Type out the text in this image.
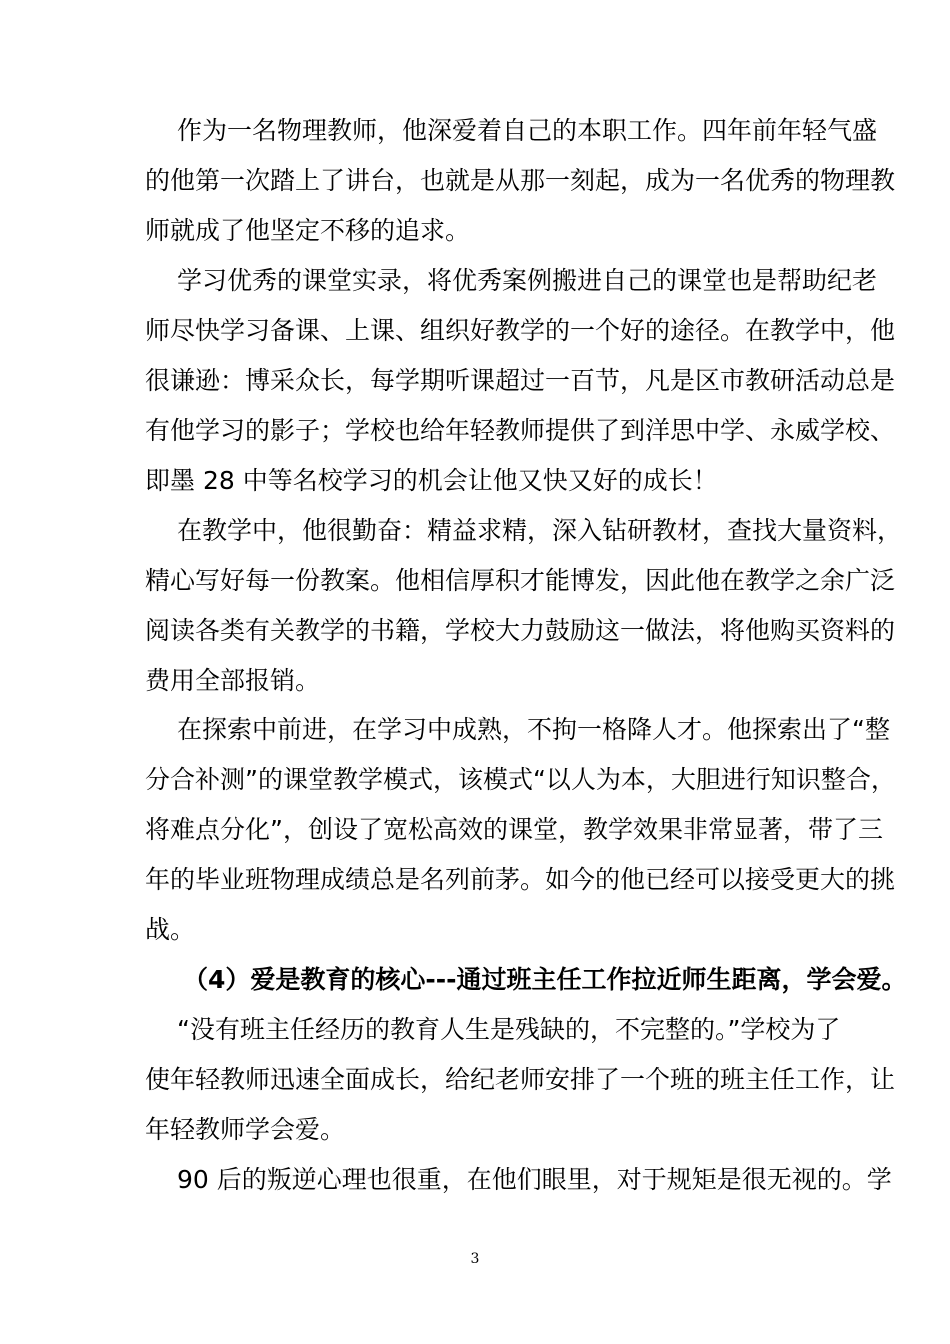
作为一名物理教师，他深爱着自己的本职工作。四年前年轻气盛

的他第一次踏上了讲台，也就是从那一刻起，成为一名优秀的物理教

师就成了他坚定不移的追求。

学习优秀的课堂实录，将优秀案例搬进自己的课堂也是帮助纪老

师尽快学习备课、上课、组织好教学的一个好的途径。在教学中，他

很谦逊：博采众长，每学期听课超过一百节，凡是区市教研活动总是

有他学习的影子；学校也给年轻教师提供了到洋思中学、永威学校、

即墨 28 中等名校学习的机会让他又快又好的成长！

在教学中，他很勤奋：精益求精，深入钻研教材，查找大量资料，

精心写好每一份教案。他相信厚积才能博发，因此他在教学之余广泛

阅读各类有关教学的书籍，学校大力鼓励这一做法，将他购买资料的

费用全部报销。

在探索中前进，在学习中成熟，不拘一格降人才。他探索出了“整

分合补测”的课堂教学模式，该模式“以人为本，大胆进行知识整合，

将难点分化”，创设了宽松高效的课堂，教学效果非常显著，带了三

年的毕业班物理成绩总是名列前茅。如今的他已经可以接受更大的挑

战。

（4）爱是教育的核心---通过班主任工作拉近师生距离，学会爱。

“没有班主任经历的教育人生是残缺的，不完整的。”学校为了

使年轻教师迅速全面成长，给纪老师安排了一个班的班主任工作，让

年轻教师学会爱。

90 后的叛逆心理也很重，在他们眼里，对于规矩是很无视的。学

3
